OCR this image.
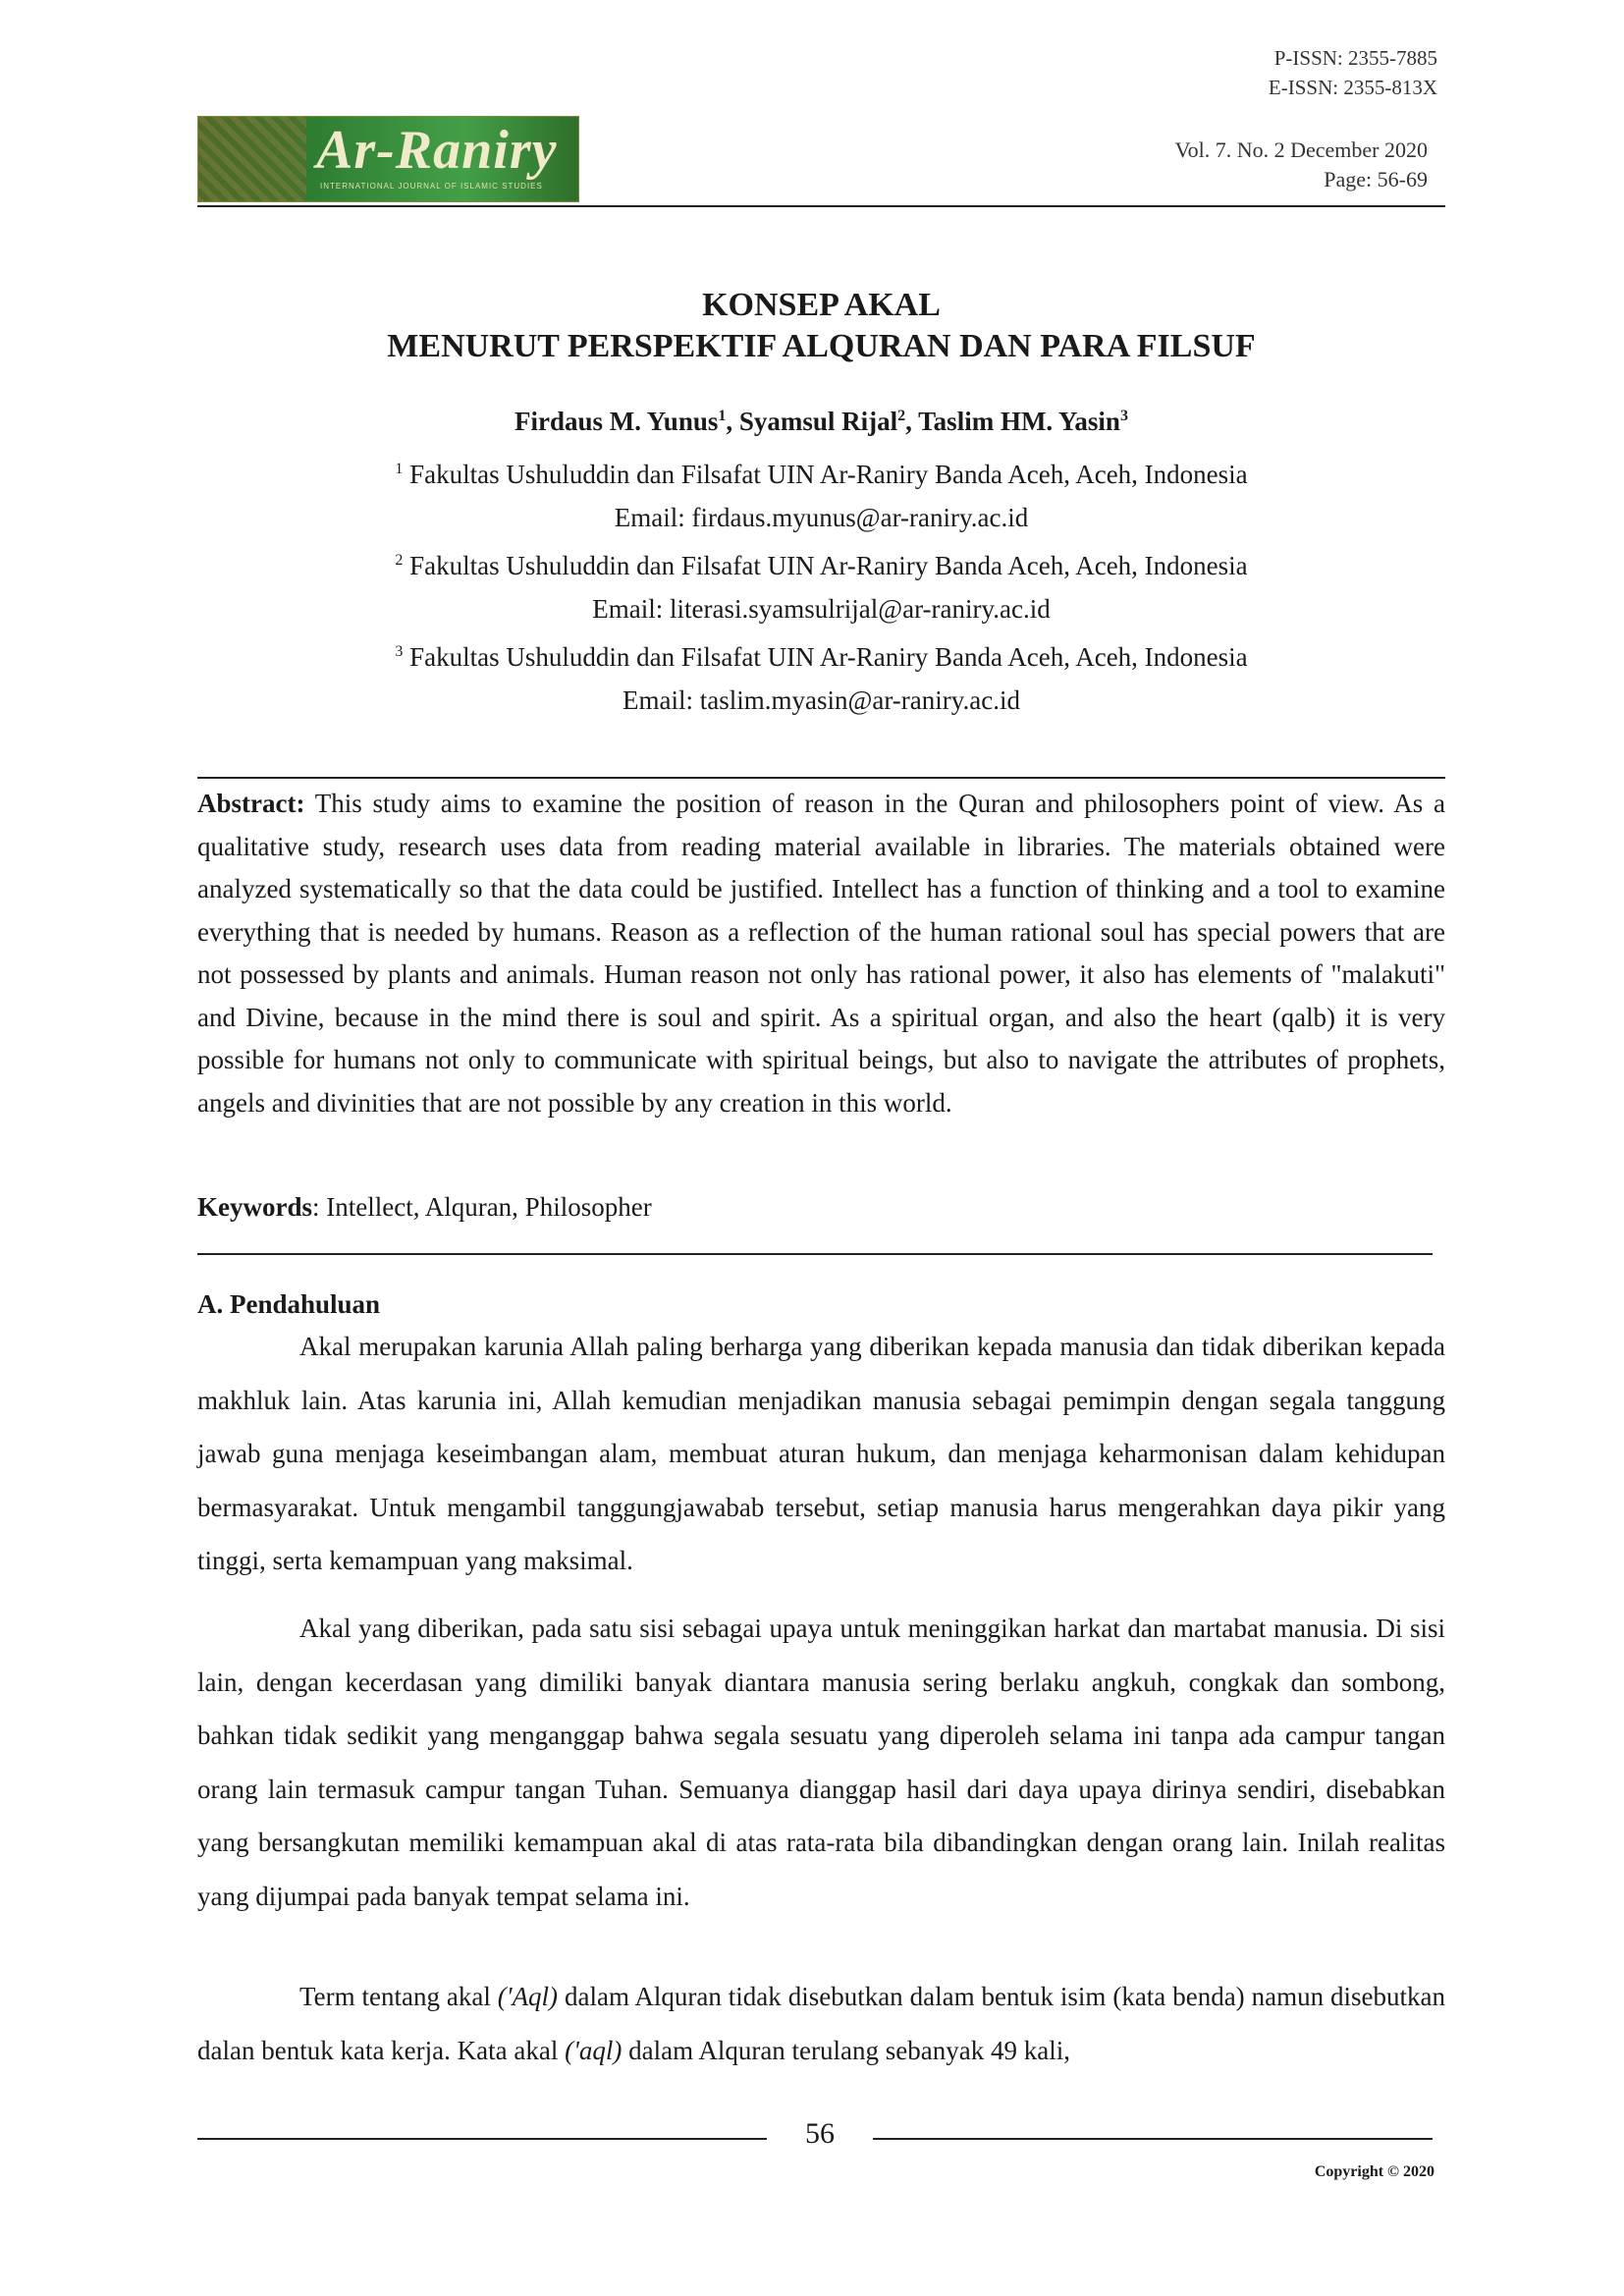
P-ISSN: 2355-7885
E-ISSN: 2355-813X
Ar-Raniry
INTERNATIONAL JOURNAL OF ISLAMIC STUDIES
Vol. 7. No. 2 December 2020
Page: 56-69
KONSEP AKAL
MENURUT PERSPEKTIF ALQURAN DAN PARA FILSUF
Firdaus M. Yunus$^1$, Syamsul Rijal$^2$, Taslim HM. Yasin$^3$
$^1$ Fakultas Ushuluddin dan Filsafat UIN Ar-Raniry Banda Aceh, Aceh, Indonesia
Email: firdaus.myunus@ar-raniry.ac.id
$^2$ Fakultas Ushuluddin dan Filsafat UIN Ar-Raniry Banda Aceh, Aceh, Indonesia
Email: literasi.syamsulrijal@ar-raniry.ac.id
$^3$ Fakultas Ushuluddin dan Filsafat UIN Ar-Raniry Banda Aceh, Aceh, Indonesia
Email: taslim.myasin@ar-raniry.ac.id
Abstract: This study aims to examine the position of reason in the Quran and philosophers point of view. As a qualitative study, research uses data from reading material available in libraries. The materials obtained were analyzed systematically so that the data could be justified. Intellect has a function of thinking and a tool to examine everything that is needed by humans. Reason as a reflection of the human rational soul has special powers that are not possessed by plants and animals. Human reason not only has rational power, it also has elements of "malakuti" and Divine, because in the mind there is soul and spirit. As a spiritual organ, and also the heart (qalb) it is very possible for humans not only to communicate with spiritual beings, but also to navigate the attributes of prophets, angels and divinities that are not possible by any creation in this world.
Keywords: Intellect, Alquran, Philosopher
A. Pendahuluan
Akal merupakan karunia Allah paling berharga yang diberikan kepada manusia dan tidak diberikan kepada makhluk lain. Atas karunia ini, Allah kemudian menjadikan manusia sebagai pemimpin dengan segala tanggung jawab guna menjaga keseimbangan alam, membuat aturan hukum, dan menjaga keharmonisan dalam kehidupan bermasyarakat. Untuk mengambil tanggungjawabab tersebut, setiap manusia harus mengerahkan daya pikir yang tinggi, serta kemampuan yang maksimal.
Akal yang diberikan, pada satu sisi sebagai upaya untuk meninggikan harkat dan martabat manusia. Di sisi lain, dengan kecerdasan yang dimiliki banyak diantara manusia sering berlaku angkuh, congkak dan sombong, bahkan tidak sedikit yang menganggap bahwa segala sesuatu yang diperoleh selama ini tanpa ada campur tangan orang lain termasuk campur tangan Tuhan. Semuanya dianggap hasil dari daya upaya dirinya sendiri, disebabkan yang bersangkutan memiliki kemampuan akal di atas rata-rata bila dibandingkan dengan orang lain. Inilah realitas yang dijumpai pada banyak tempat selama ini.
Term tentang akal ('Aql) dalam Alquran tidak disebutkan dalam bentuk isim (kata benda) namun disebutkan dalan bentuk kata kerja. Kata akal ('aql) dalam Alquran terulang sebanyak 49 kali,
56
Copyright © 2020
